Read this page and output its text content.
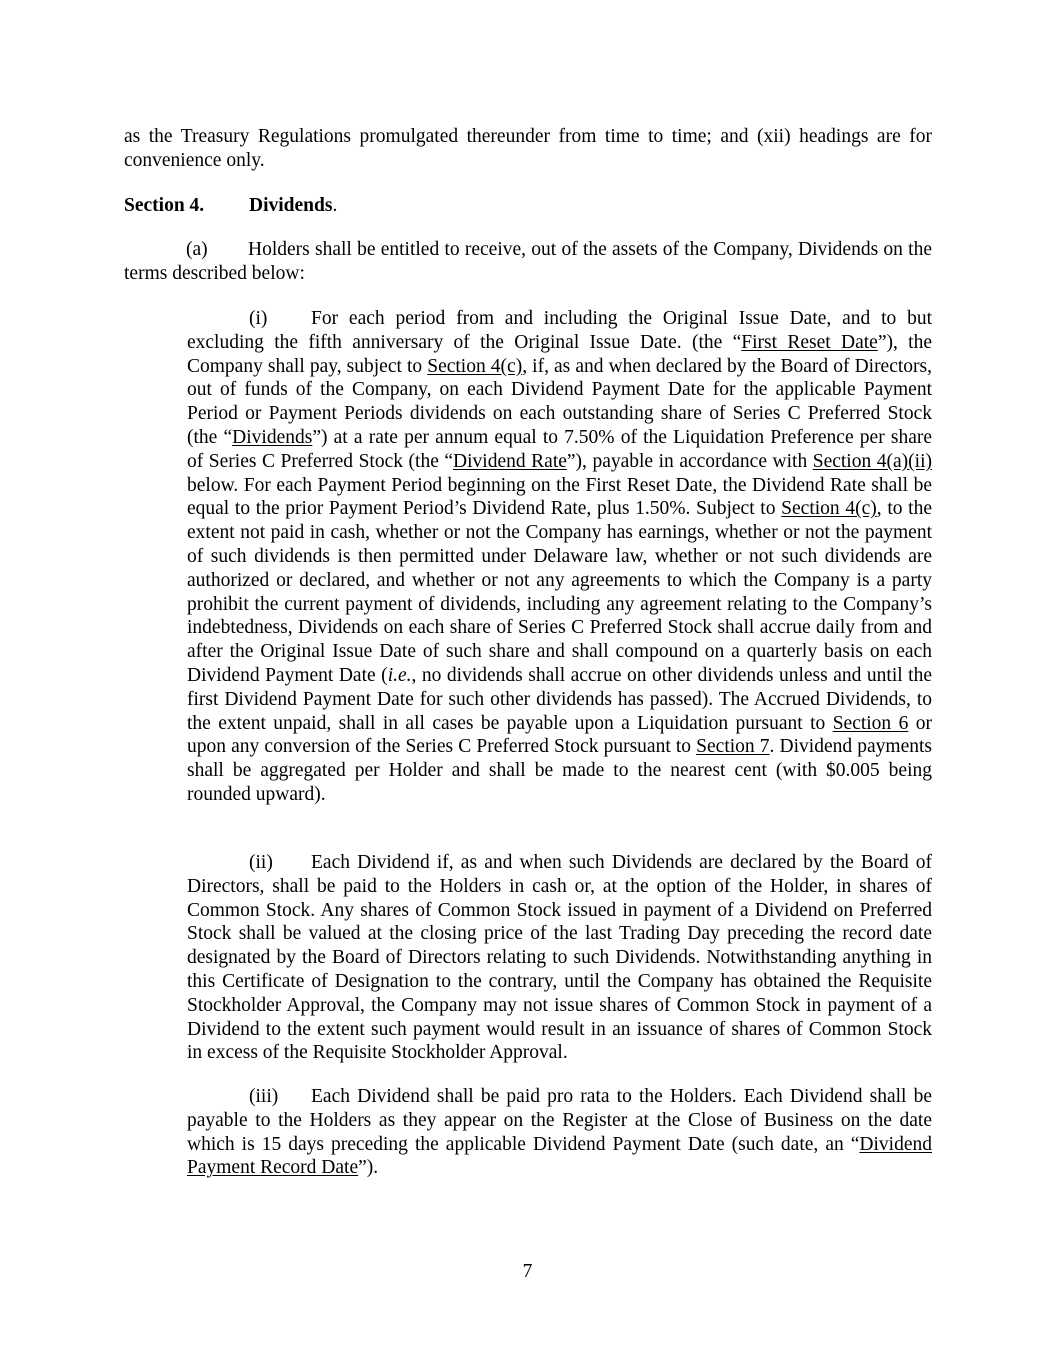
as the Treasury Regulations promulgated thereunder from time to time; and (xii) headings are for convenience only.

Section 4. Dividends.

(a) Holders shall be entitled to receive, out of the assets of the Company, Dividends on the terms described below:

(i) For each period from and including the Original Issue Date, and to but excluding the fifth anniversary of the Original Issue Date. (the “First Reset Date”), the Company shall pay, subject to Section 4(c), if, as and when declared by the Board of Directors, out of funds of the Company, on each Dividend Payment Date for the applicable Payment Period or Payment Periods dividends on each outstanding share of Series C Preferred Stock (the “Dividends”) at a rate per annum equal to 7.50% of the Liquidation Preference per share of Series C Preferred Stock (the “Dividend Rate”), payable in accordance with Section 4(a)(ii) below. For each Payment Period beginning on the First Reset Date, the Dividend Rate shall be equal to the prior Payment Period’s Dividend Rate, plus 1.50%. Subject to Section 4(c), to the extent not paid in cash, whether or not the Company has earnings, whether or not the payment of such dividends is then permitted under Delaware law, whether or not such dividends are authorized or declared, and whether or not any agreements to which the Company is a party prohibit the current payment of dividends, including any agreement relating to the Company’s indebtedness, Dividends on each share of Series C Preferred Stock shall accrue daily from and after the Original Issue Date of such share and shall compound on a quarterly basis on each Dividend Payment Date (i.e., no dividends shall accrue on other dividends unless and until the first Dividend Payment Date for such other dividends has passed). The Accrued Dividends, to the extent unpaid, shall in all cases be payable upon a Liquidation pursuant to Section 6 or upon any conversion of the Series C Preferred Stock pursuant to Section 7. Dividend payments shall be aggregated per Holder and shall be made to the nearest cent (with $0.005 being rounded upward).

(ii) Each Dividend if, as and when such Dividends are declared by the Board of Directors, shall be paid to the Holders in cash or, at the option of the Holder, in shares of Common Stock. Any shares of Common Stock issued in payment of a Dividend on Preferred Stock shall be valued at the closing price of the last Trading Day preceding the record date designated by the Board of Directors relating to such Dividends. Notwithstanding anything in this Certificate of Designation to the contrary, until the Company has obtained the Requisite Stockholder Approval, the Company may not issue shares of Common Stock in payment of a Dividend to the extent such payment would result in an issuance of shares of Common Stock in excess of the Requisite Stockholder Approval.

(iii) Each Dividend shall be paid pro rata to the Holders. Each Dividend shall be payable to the Holders as they appear on the Register at the Close of Business on the date which is 15 days preceding the applicable Dividend Payment Date (such date, an “Dividend Payment Record Date”).

7
